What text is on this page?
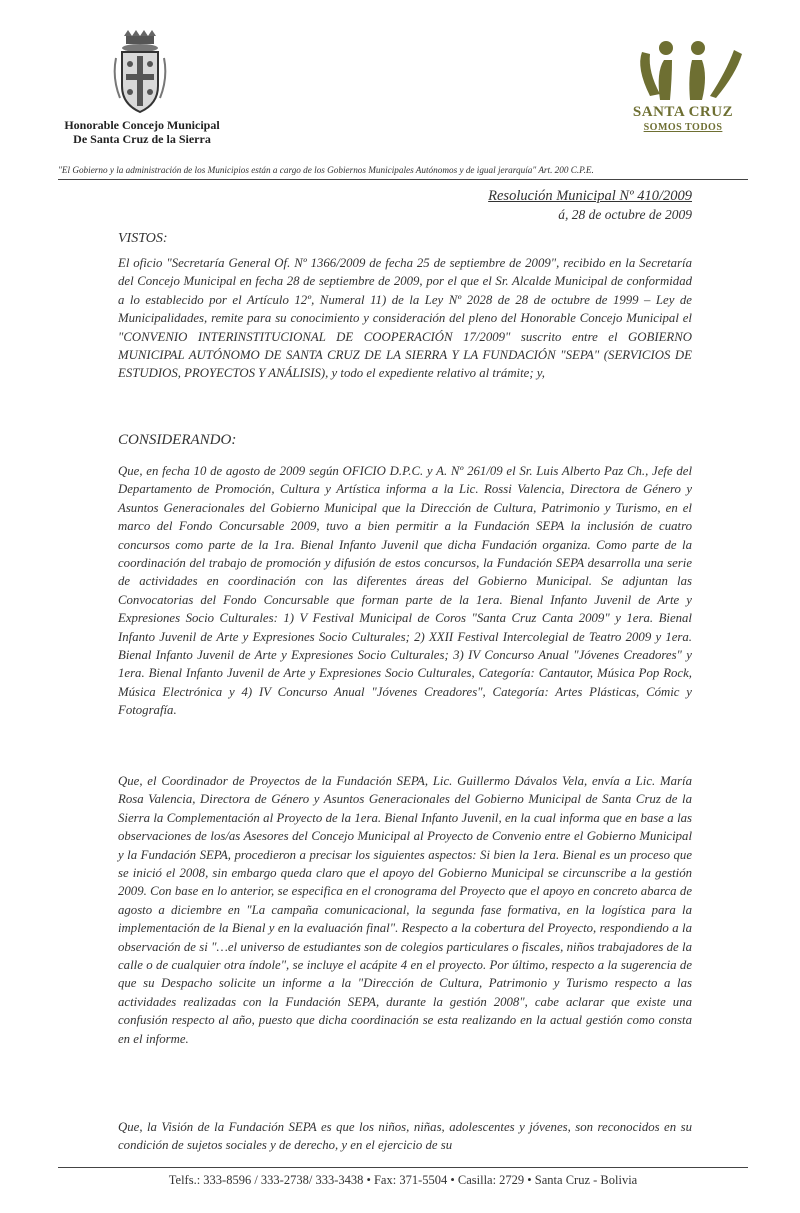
Honorable Concejo Municipal
De Santa Cruz de la Sierra
SANTA CRUZ
SOMOS TODOS
"El Gobierno y la administración de los Municipios están a cargo de los Gobiernos Municipales Autónomos y de igual jerarquía" Art. 200 C.P.E.
Resolución Municipal Nº 410/2009
á, 28 de octubre de 2009
VISTOS:
El oficio "Secretaría General Of. Nº 1366/2009 de fecha 25 de septiembre de 2009", recibido en la Secretaría del Concejo Municipal en fecha 28 de septiembre de 2009, por el que el Sr. Alcalde Municipal de conformidad a lo establecido por el Artículo 12º, Numeral 11) de la Ley Nº 2028 de 28 de octubre de 1999 – Ley de Municipalidades, remite para su conocimiento y consideración del pleno del Honorable Concejo Municipal el "CONVENIO INTERINSTITUCIONAL DE COOPERACIÓN 17/2009" suscrito entre el GOBIERNO MUNICIPAL AUTÓNOMO DE SANTA CRUZ DE LA SIERRA Y LA FUNDACIÓN "SEPA" (SERVICIOS DE ESTUDIOS, PROYECTOS Y ANÁLISIS), y todo el expediente relativo al trámite; y,
CONSIDERANDO:
Que, en fecha 10 de agosto de 2009 según OFICIO D.P.C. y A. Nº 261/09 el Sr. Luis Alberto Paz Ch., Jefe del Departamento de Promoción, Cultura y Artística informa a la Lic. Rossi Valencia, Directora de Género y Asuntos Generacionales del Gobierno Municipal que la Dirección de Cultura, Patrimonio y Turismo, en el marco del Fondo Concursable 2009, tuvo a bien permitir a la Fundación SEPA la inclusión de cuatro concursos como parte de la 1ra. Bienal Infanto Juvenil que dicha Fundación organiza. Como parte de la coordinación del trabajo de promoción y difusión de estos concursos, la Fundación SEPA desarrolla una serie de actividades en coordinación con las diferentes áreas del Gobierno Municipal. Se adjuntan las Convocatorias del Fondo Concursable que forman parte de la 1era. Bienal Infanto Juvenil de Arte y Expresiones Socio Culturales: 1) V Festival Municipal de Coros "Santa Cruz Canta 2009" y 1era. Bienal Infanto Juvenil de Arte y Expresiones Socio Culturales; 2) XXII Festival Intercolegial de Teatro 2009 y 1era. Bienal Infanto Juvenil de Arte y Expresiones Socio Culturales; 3) IV Concurso Anual "Jóvenes Creadores" y 1era. Bienal Infanto Juvenil de Arte y Expresiones Socio Culturales, Categoría: Cantautor, Música Pop Rock, Música Electrónica y 4) IV Concurso Anual "Jóvenes Creadores", Categoría: Artes Plásticas, Cómic y Fotografía.
Que, el Coordinador de Proyectos de la Fundación SEPA, Lic. Guillermo Dávalos Vela, envía a Lic. María Rosa Valencia, Directora de Género y Asuntos Generacionales del Gobierno Municipal de Santa Cruz de la Sierra la Complementación al Proyecto de la 1era. Bienal Infanto Juvenil, en la cual informa que en base a las observaciones de los/as Asesores del Concejo Municipal al Proyecto de Convenio entre el Gobierno Municipal y la Fundación SEPA, procedieron a precisar los siguientes aspectos: Si bien la 1era. Bienal es un proceso que se inició el 2008, sin embargo queda claro que el apoyo del Gobierno Municipal se circunscribe a la gestión 2009. Con base en lo anterior, se especifica en el cronograma del Proyecto que el apoyo en concreto abarca de agosto a diciembre en "La campaña comunicacional, la segunda fase formativa, en la logística para la implementación de la Bienal y en la evaluación final". Respecto a la cobertura del Proyecto, respondiendo a la observación de si "…el universo de estudiantes son de colegios particulares o fiscales, niños trabajadores de la calle o de cualquier otra índole", se incluye el acápite 4 en el proyecto. Por último, respecto a la sugerencia de que su Despacho solicite un informe a la "Dirección de Cultura, Patrimonio y Turismo respecto a las actividades realizadas con la Fundación SEPA, durante la gestión 2008", cabe aclarar que existe una confusión respecto al año, puesto que dicha coordinación se esta realizando en la actual gestión como consta en el informe.
Que, la Visión de la Fundación SEPA es que los niños, niñas, adolescentes y jóvenes, son reconocidos en su condición de sujetos sociales y de derecho, y en el ejercicio de su
Telfs.: 333-8596 / 333-2738/ 333-3438 • Fax: 371-5504 • Casilla: 2729 • Santa Cruz - Bolivia
